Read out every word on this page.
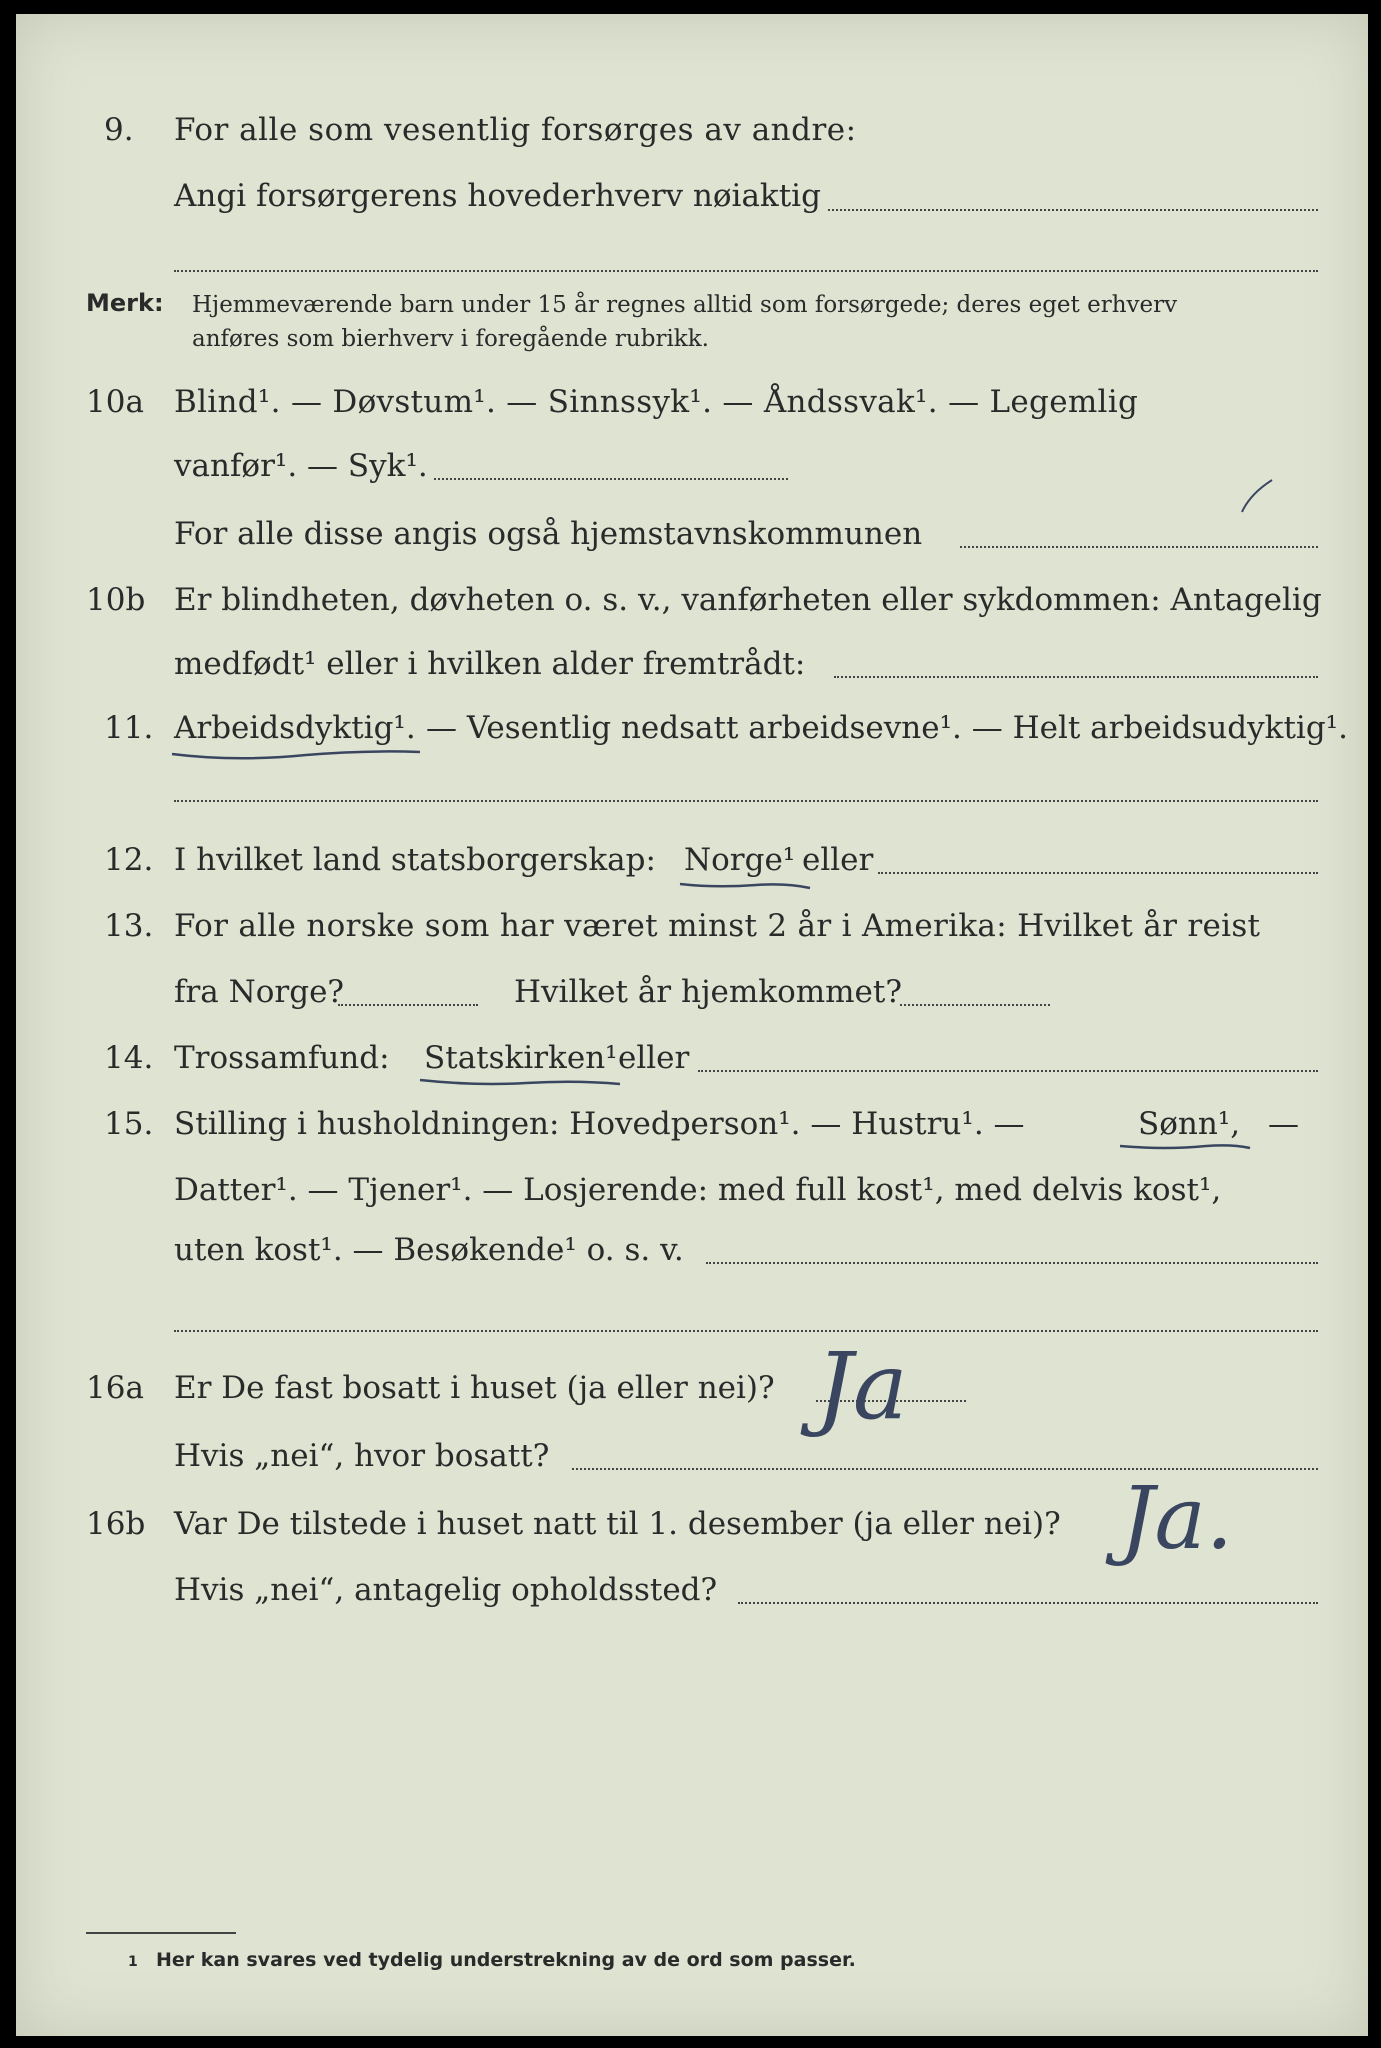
9. For alle som vesentlig forsørges av andre:
Angi forsørgerens hovederhverv nøiaktig
Merk: Hjemmeværende barn under 15 år regnes alltid som forsørgede; deres eget erhverv
anføres som bierhverv i foregående rubrikk.
10a Blind¹. — Døvstum¹. — Sinnssyk¹. — Åndssvak¹. — Legemlig
vanfør¹. — Syk¹.
For alle disse angis også hjemstavnskommunen
10b Er blindheten, døvheten o. s. v., vanførheten eller sykdommen: Antagelig
medfødt¹ eller i hvilken alder fremtrådt:
11. Arbeidsdyktig¹. — Vesentlig nedsatt arbeidsevne¹. — Helt arbeidsudyktig¹.
12. I hvilket land statsborgerskap: Norge¹ eller
13. For alle norske som har været minst 2 år i Amerika: Hvilket år reist
fra Norge?	Hvilket år hjemkommet?
14. Trossamfund: Statskirken¹ eller
15. Stilling i husholdningen: Hovedperson¹. — Hustru¹. —	Sønn¹, —
Datter¹. — Tjener¹. — Losjerende: med full kost¹, med delvis kost¹,
uten kost¹. — Besøkende¹ o. s. v.
16a Er De fast bosatt i huset (ja eller nei)?
Hvis „nei“, hvor bosatt?
Ja
16b Var De tilstede i huset natt til 1. desember (ja eller nei)?
Hvis „nei“, antagelig opholdssted?
Ja.
1 Her kan svares ved tydelig understrekning av de ord som passer.
